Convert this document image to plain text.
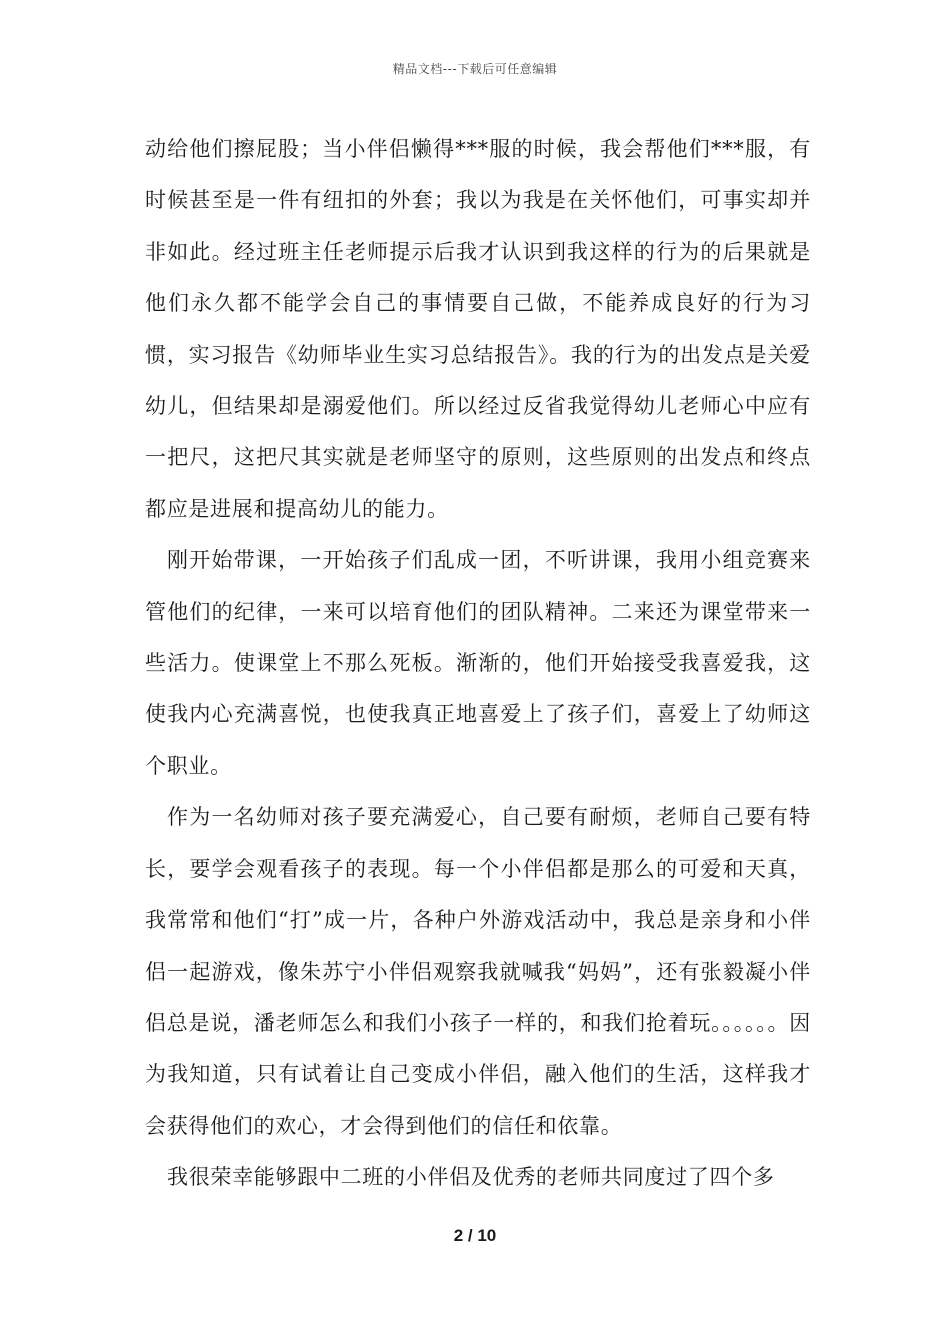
精品文档---下载后可任意编辑

动给他们擦屁股；当小伴侣懒得***服的时候，我会帮他们***服，有时候甚至是一件有纽扣的外套；我以为我是在关怀他们，可事实却并非如此。经过班主任老师提示后我才认识到我这样的行为的后果就是他们永久都不能学会自己的事情要自己做，不能养成良好的行为习惯，实习报告《幼师毕业生实习总结报告》。我的行为的出发点是关爱幼儿，但结果却是溺爱他们。所以经过反省我觉得幼儿老师心中应有一把尺，这把尺其实就是老师坚守的原则，这些原则的出发点和终点都应是进展和提高幼儿的能力。

刚开始带课，一开始孩子们乱成一团，不听讲课，我用小组竞赛来管他们的纪律，一来可以培育他们的团队精神。二来还为课堂带来一些活力。使课堂上不那么死板。渐渐的，他们开始接受我喜爱我，这使我内心充满喜悦，也使我真正地喜爱上了孩子们，喜爱上了幼师这个职业。

作为一名幼师对孩子要充满爱心，自己要有耐烦，老师自己要有特长，要学会观看孩子的表现。每一个小伴侣都是那么的可爱和天真，我常常和他们“打”成一片，各种户外游戏活动中，我总是亲身和小伴侣一起游戏，像朱苏宁小伴侣观察我就喊我“妈妈”，还有张毅凝小伴侣总是说，潘老师怎么和我们小孩子一样的，和我们抢着玩。。。。。。因为我知道，只有试着让自己变成小伴侣，融入他们的生活，这样我才会获得他们的欢心，才会得到他们的信任和依靠。

我很荣幸能够跟中二班的小伴侣及优秀的老师共同度过了四个多

2 / 10
